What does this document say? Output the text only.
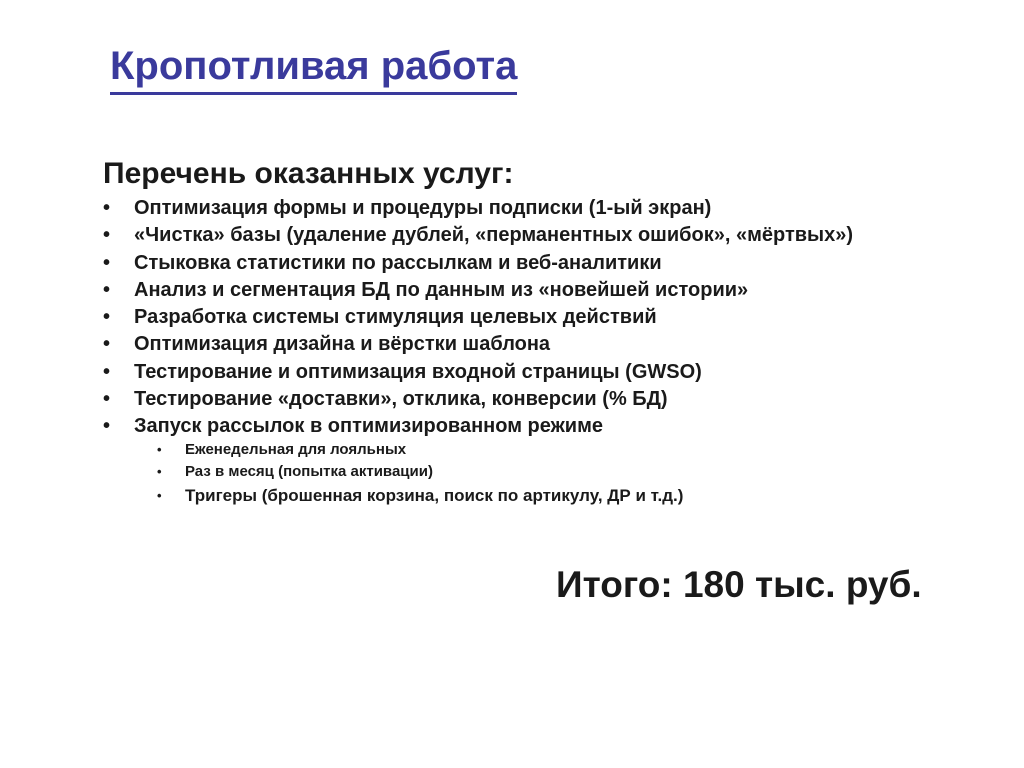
Кропотливая работа
Перечень оказанных услуг:
• Оптимизация формы и процедуры подписки (1-ый экран)
• «Чистка» базы (удаление дублей, «перманентных ошибок», «мёртвых»)
• Стыковка статистики по рассылкам и веб-аналитики
• Анализ и сегментация БД по данным из «новейшей истории»
• Разработка системы стимуляция целевых действий
• Оптимизация дизайна и вёрстки шаблона
• Тестирование и оптимизация входной страницы (GWSO)
• Тестирование «доставки», отклика, конверсии (% БД)
• Запуск рассылок в оптимизированном режиме
• Еженедельная для лояльных
• Раз в месяц (попытка активации)
• Тригеры (брошенная корзина, поиск по артикулу, ДР и т.д.)

Итого: 180 тыс. руб.
